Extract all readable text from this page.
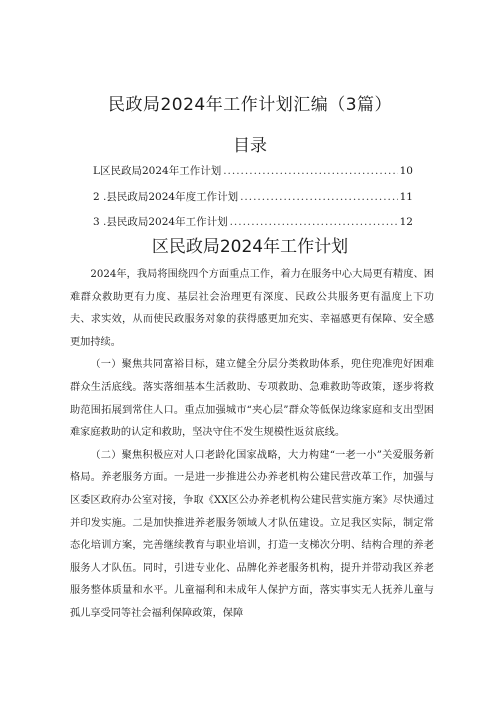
民政局2024年工作计划汇编（3篇）
目录
L区民政局2024年工作计划 .....	10
2 .县民政局2024年度工作计划 .....	11
3 .县民政局2024年工作计划 .....	12
区民政局2024年工作计划

2024年，我局将围绕四个方面重点工作，着力在服务中心大局更有精度、困难群众救助更有力度、基层社会治理更有深度、民政公共服务更有温度上下功夫、求实效，从而使民政服务对象的获得感更加充实、幸福感更有保障、安全感更加持续。

（一）聚焦共同富裕目标，建立健全分层分类救助体系，兜住兜准兜好困难群众生活底线。落实落细基本生活救助、专项救助、急难救助等政策，逐步将救助范围拓展到常住人口。重点加强城市“夹心层”群众等低保边缘家庭和支出型困难家庭救助的认定和救助，坚决守住不发生规模性返贫底线。

（二）聚焦积极应对人口老龄化国家战略，大力构建“一老一小”关爱服务新格局。养老服务方面。一是进一步推进公办养老机构公建民营改革工作，加强与区委区政府办公室对接，争取《XX区公办养老机构公建民营实施方案》尽快通过并印发实施。二是加快推进养老服务领域人才队伍建设。立足我区实际，制定常态化培训方案，完善继续教育与职业培训，打造一支梯次分明、结构合理的养老服务人才队伍。同时，引进专业化、品牌化养老服务机构，提升并带动我区养老服务整体质量和水平。儿童福利和未成年人保护方面，落实事实无人抚养儿童与孤儿享受同等社会福利保障政策，保障
